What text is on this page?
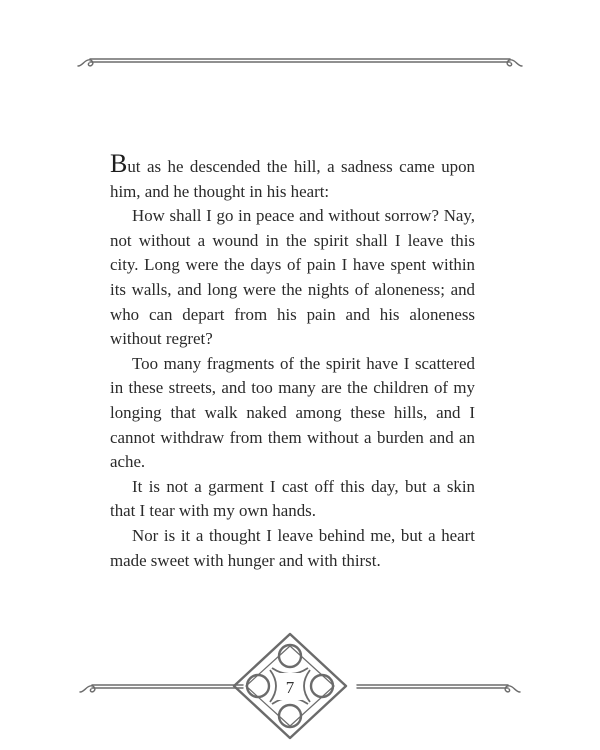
But as he descended the hill, a sadness came upon him, and he thought in his heart:

How shall I go in peace and without sorrow? Nay, not without a wound in the spirit shall I leave this city. Long were the days of pain I have spent within its walls, and long were the nights of aloneness; and who can depart from his pain and his aloneness without regret?

Too many fragments of the spirit have I scattered in these streets, and too many are the children of my longing that walk naked among these hills, and I cannot withdraw from them without a burden and an ache.

It is not a garment I cast off this day, but a skin that I tear with my own hands.

Nor is it a thought I leave behind me, but a heart made sweet with hunger and with thirst.

7
